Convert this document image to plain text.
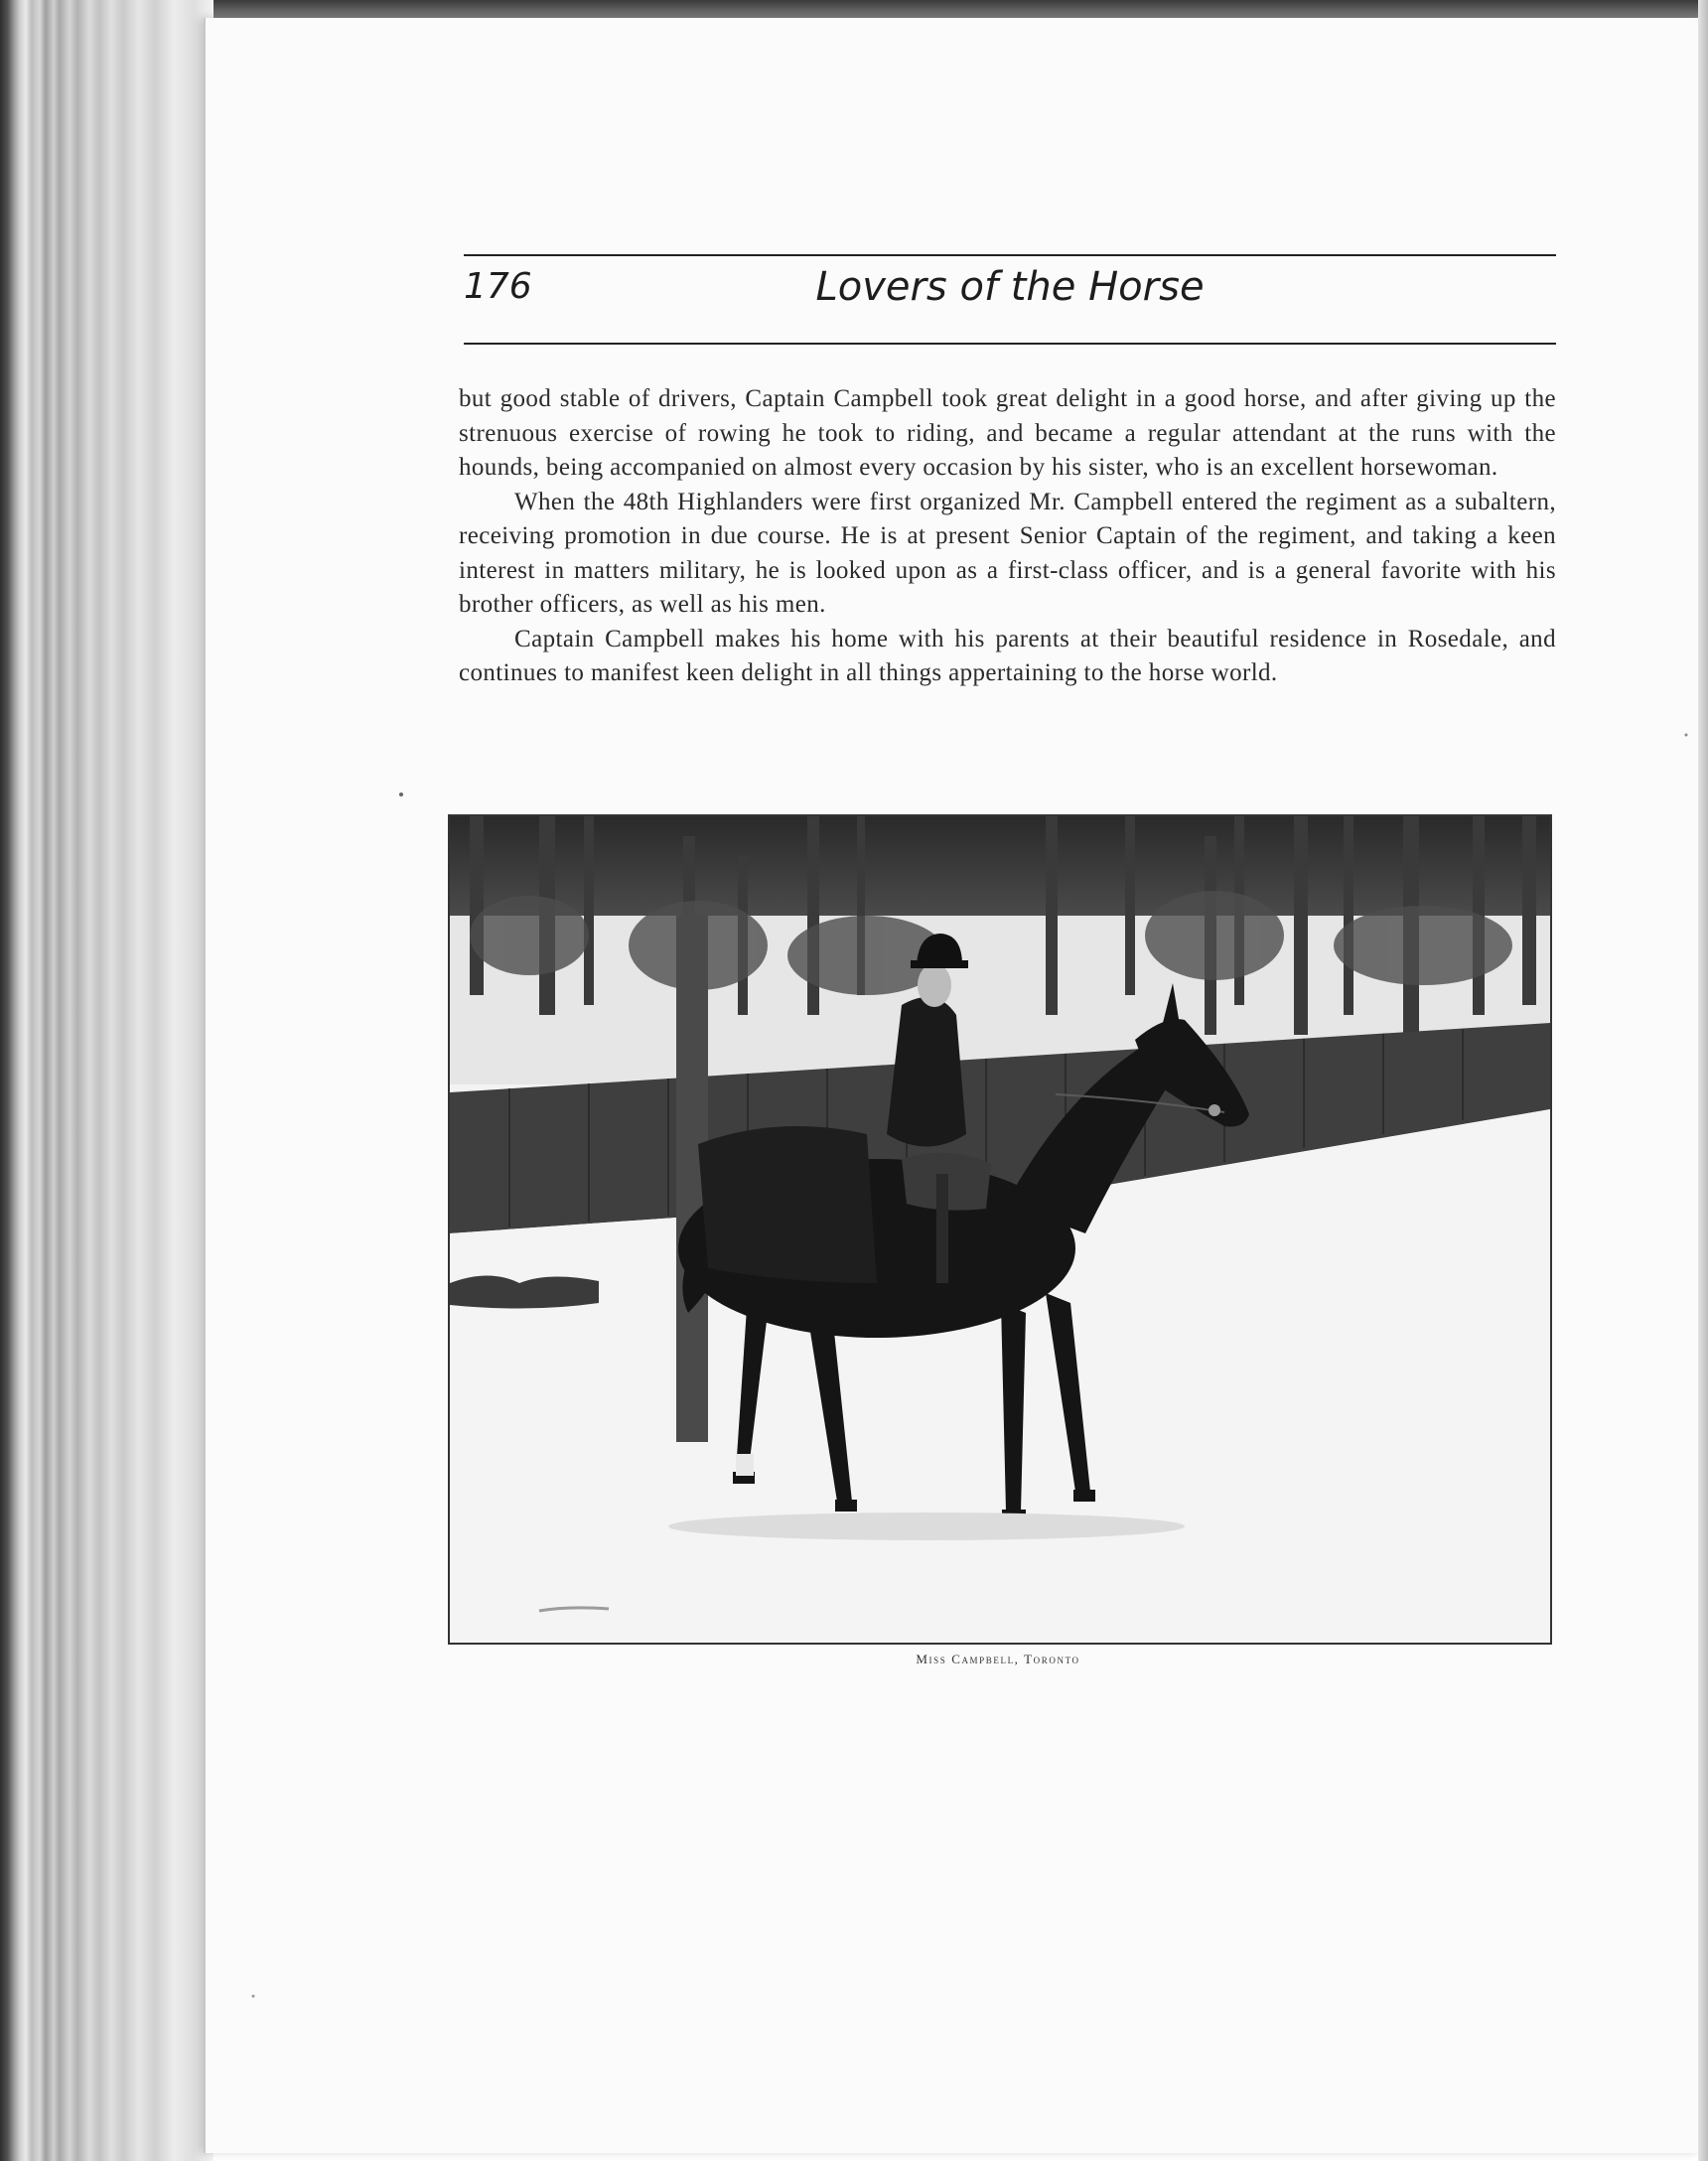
176	Lovers of the Horse

but good stable of drivers, Captain Campbell took great delight in a good horse, and after giving up the strenuous exercise of rowing he took to riding, and became a regular attendant at the runs with the hounds, being accompanied on almost every occasion by his sister, who is an excellent horsewoman.

When the 48th Highlanders were first organized Mr. Campbell entered the regiment as a subaltern, receiving promotion in due course. He is at present Senior Captain of the regiment, and taking a keen interest in matters military, he is looked upon as a first-class officer, and is a general favorite with his brother officers, as well as his men.

Captain Campbell makes his home with his parents at their beautiful residence in Rosedale, and continues to manifest keen delight in all things appertaining to the horse world.

Miss Campbell, Toronto
